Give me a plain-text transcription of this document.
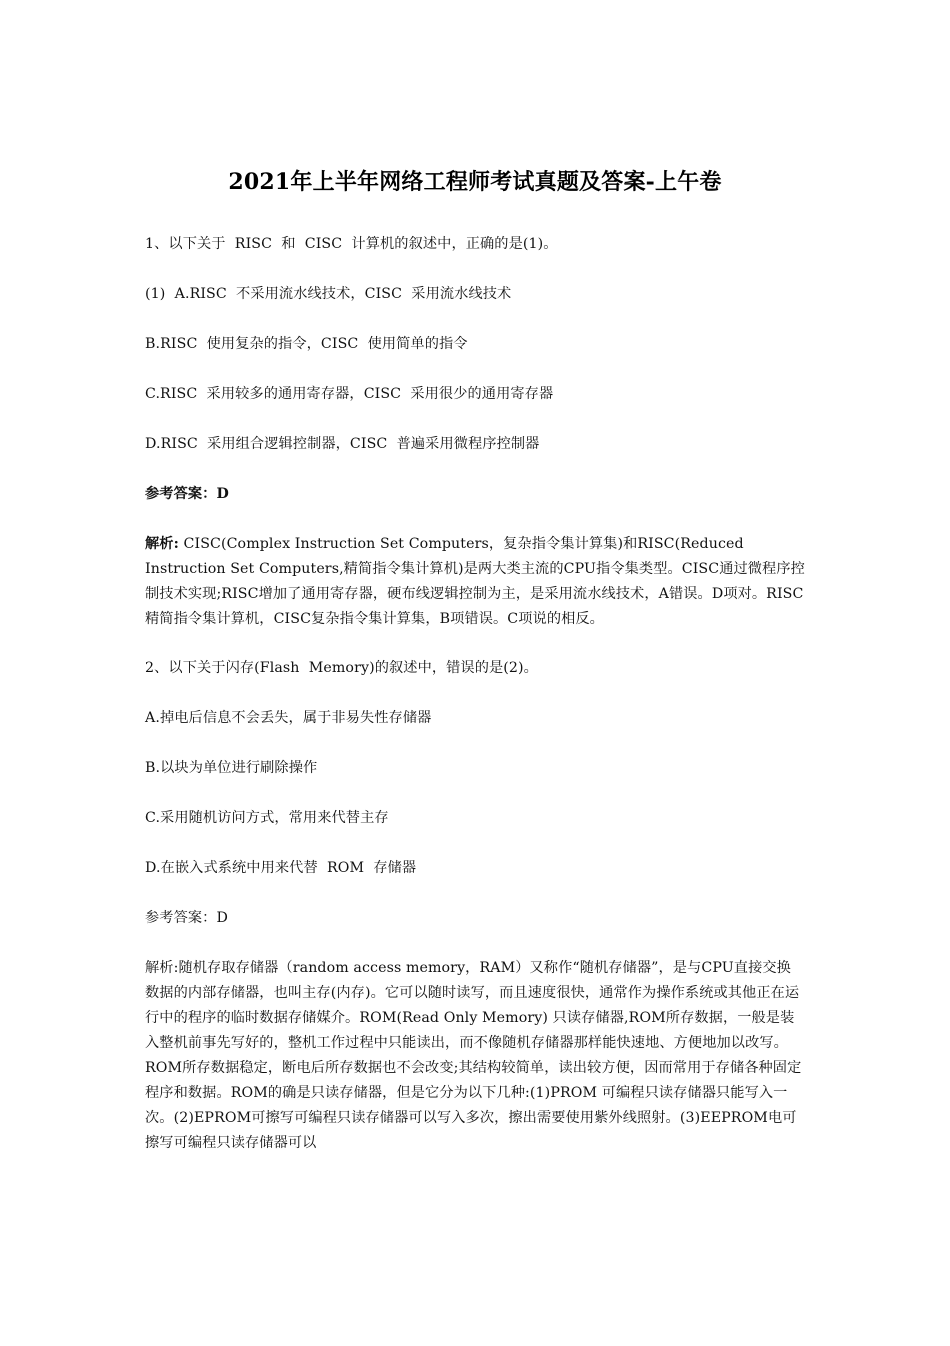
2021年上半年网络工程师考试真题及答案-上午卷

1、以下关于  RISC  和  CISC  计算机的叙述中，正确的是(1)。

(1)  A.RISC  不采用流水线技术，CISC  采用流水线技术

B.RISC  使用复杂的指令，CISC  使用简单的指令

C.RISC  采用较多的通用寄存器，CISC  采用很少的通用寄存器

D.RISC  采用组合逻辑控制器，CISC  普遍采用微程序控制器

参考答案：D

解析: CISC(Complex Instruction Set Computers，复杂指令集计算集)和RISC(Reduced Instruction Set Computers,精简指令集计算机)是两大类主流的CPU指令集类型。CISC通过微程序控制技术实现;RISC增加了通用寄存器，硬布线逻辑控制为主，是采用流水线技术，A错误。D项对。RISC精简指令集计算机，CISC复杂指令集计算集，B项错误。C项说的相反。

2、以下关于闪存(Flash  Memory)的叙述中，错误的是(2)。

A.掉电后信息不会丢失，属于非易失性存储器

B.以块为单位进行刷除操作

C.采用随机访问方式，常用来代替主存

D.在嵌入式系统中用来代替  ROM  存储器

参考答案：D

解析:随机存取存储器（random access memory，RAM）又称作“随机存储器”，是与CPU直接交换数据的内部存储器，也叫主存(内存)。它可以随时读写，而且速度很快，通常作为操作系统或其他正在运行中的程序的临时数据存储媒介。ROM(Read Only Memory) 只读存储器,ROM所存数据，一般是装入整机前事先写好的，整机工作过程中只能读出，而不像随机存储器那样能快速地、方便地加以改写。ROM所存数据稳定，断电后所存数据也不会改变;其结构较简单，读出较方便，因而常用于存储各种固定程序和数据。ROM的确是只读存储器，但是它分为以下几种:(1)PROM 可编程只读存储器只能写入一次。(2)EPROM可擦写可编程只读存储器可以写入多次，擦出需要使用紫外线照射。(3)EEPROM电可擦写可编程只读存储器可以
